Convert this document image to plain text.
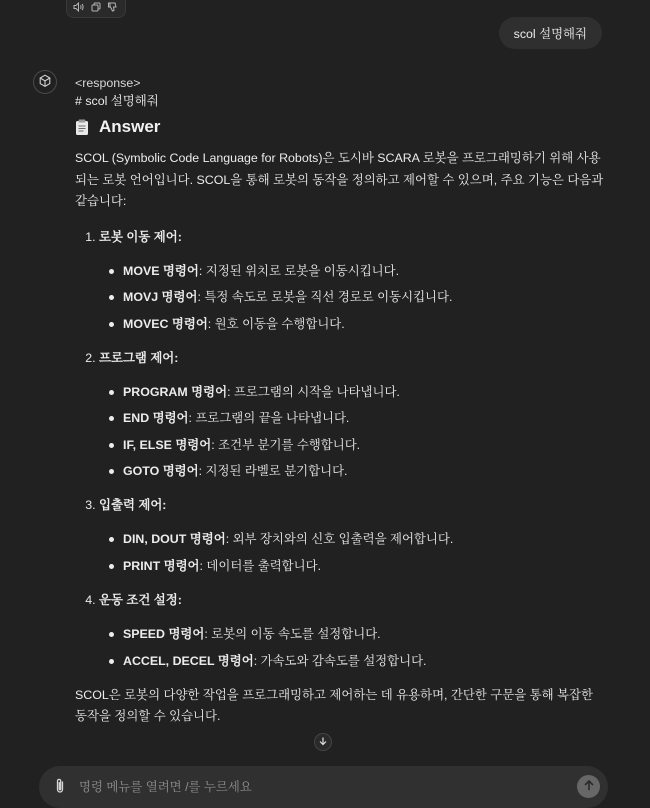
scol 설명해줘
<response>
# scol 설명해줘
Answer

SCOL (Symbolic Code Language for Robots)은 도시바 SCARA 로봇을 프로그래밍하기 위해 사용되는 로봇 언어입니다. SCOL을 통해 로봇의 동작을 정의하고 제어할 수 있으며, 주요 기능은 다음과 같습니다:

1. 로봇 이동 제어:
MOVE 명령어: 지정된 위치로 로봇을 이동시킵니다.
MOVJ 명령어: 특정 속도로 로봇을 직선 경로로 이동시킵니다.
MOVEC 명령어: 원호 이동을 수행합니다.
2. 프로그램 제어:
PROGRAM 명령어: 프로그램의 시작을 나타냅니다.
END 명령어: 프로그램의 끝을 나타냅니다.
IF, ELSE 명령어: 조건부 분기를 수행합니다.
GOTO 명령어: 지정된 라벨로 분기합니다.
3. 입출력 제어:
DIN, DOUT 명령어: 외부 장치와의 신호 입출력을 제어합니다.
PRINT 명령어: 데이터를 출력합니다.
4. 운동 조건 설정:
SPEED 명령어: 로봇의 이동 속도를 설정합니다.
ACCEL, DECEL 명령어: 가속도와 감속도를 설정합니다.

SCOL은 로봇의 다양한 작업을 프로그래밍하고 제어하는 데 유용하며, 간단한 구문을 통해 복잡한 동작을 정의할 수 있습니다.

명령 메뉴를 열려면 /를 누르세요
